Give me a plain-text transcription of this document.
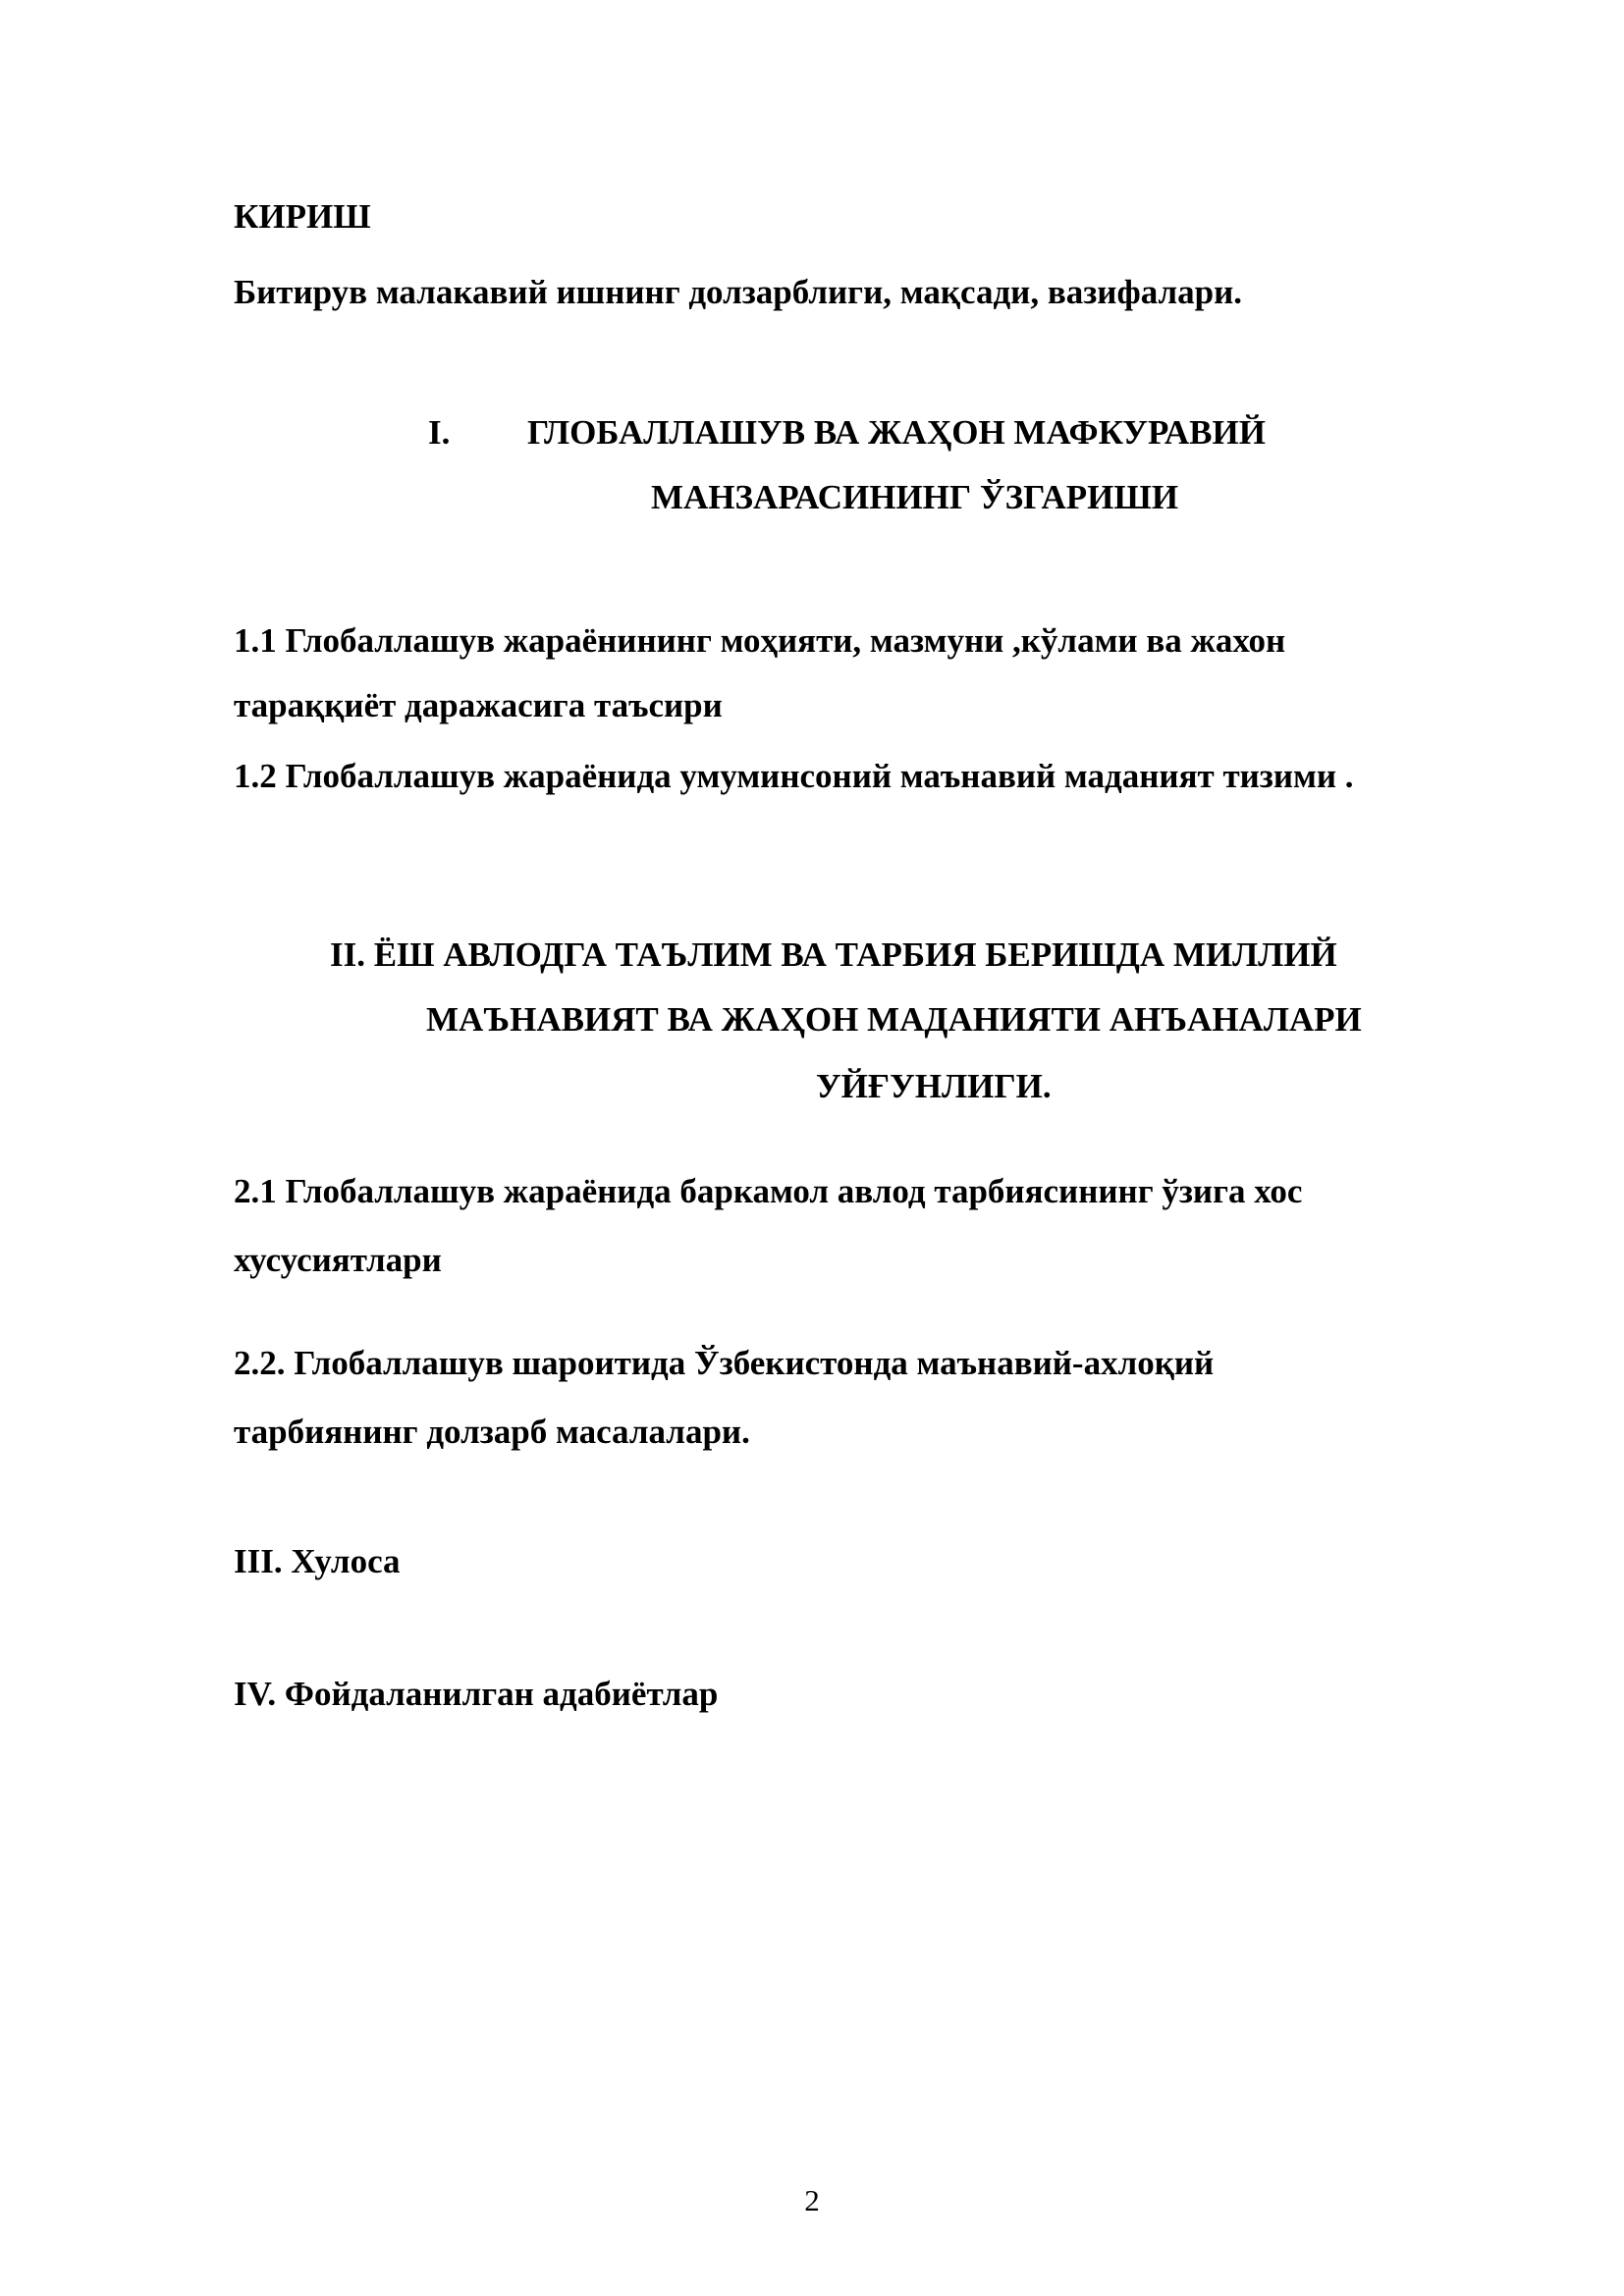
КИРИШ
Битирув малакавий ишнинг долзарблиги, мақсади, вазифалари.
I. ГЛОБАЛЛАШУВ ВА ЖАҲОН МАФКУРАВИЙ
МАНЗАРАСИНИНГ ЎЗГАРИШИ
1.1 Глобаллашув жараёнининг моҳияти, мазмуни ,кўлами ва жахон
тараққиёт даражасига таъсири
1.2 Глобаллашув жараёнида умуминсоний маънавий маданият тизими .
II. ЁШ АВЛОДГА ТАЪЛИМ ВА ТАРБИЯ БЕРИШДА МИЛЛИЙ
МАЪНАВИЯТ ВА ЖАҲОН МАДАНИЯТИ АНЪАНАЛАРИ
УЙҒУНЛИГИ.
2.1 Глобаллашув жараёнида баркамол авлод тарбиясининг ўзига хос
хусусиятлари
2.2. Глобаллашув шароитида Ўзбекистонда маънавий-ахлоқий
тарбиянинг долзарб масалалари.
III. Хулоса
IV. Фойдаланилган адабиётлар
2
